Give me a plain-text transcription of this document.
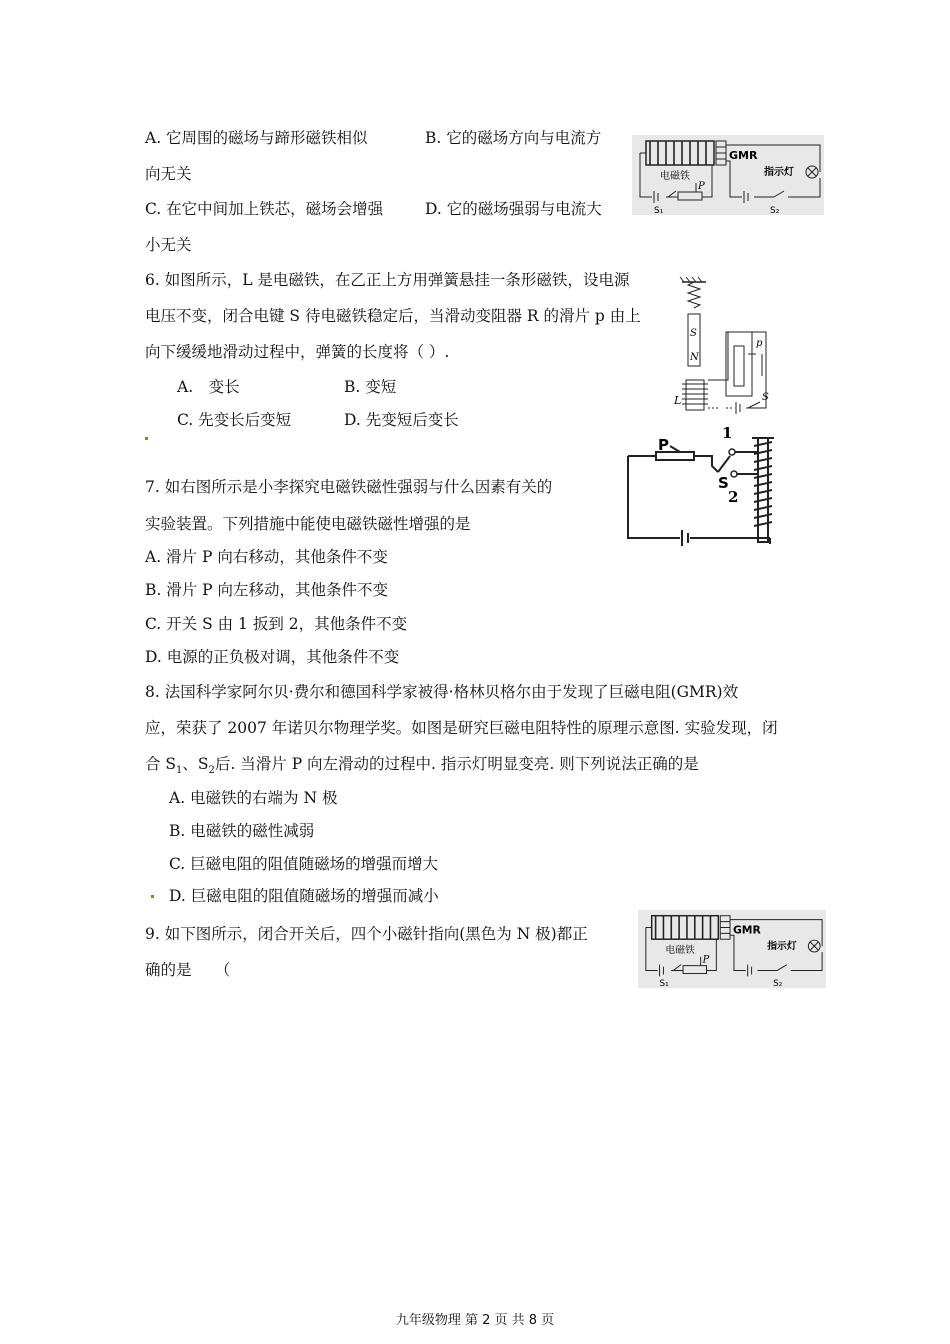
A. 它周围的磁场与蹄形磁铁相似	B. 它的磁场方向与电流方
向无关
C. 在它中间加上铁芯，磁场会增强	D. 它的磁场强弱与电流大
小无关
GMR
电磁铁	指示灯
P
S₁	S₂
6. 如图所示，L 是电磁铁，在乙正上方用弹簧悬挂一条形磁铁，设电源
电压不变，闭合电键 S 待电磁铁稳定后，当滑动变阻器 R 的滑片 p 由上
向下缓缓地滑动过程中，弹簧的长度将（ ）.
A.　变长	B. 变短
C. 先变长后变短	D. 先变短后变长
S
N
L
p
S
7. 如右图所示是小李探究电磁铁磁性强弱与什么因素有关的
实验装置。下列措施中能使电磁铁磁性增强的是
A. 滑片 P 向右移动，其他条件不变
B. 滑片 P 向左移动，其他条件不变
C. 开关 S 由 1 扳到 2，其他条件不变
D. 电源的正负极对调，其他条件不变
P
1
S
2
8. 法国科学家阿尔贝·费尔和德国科学家被得·格林贝格尔由于发现了巨磁电阻(GMR)效
应，荣获了 2007 年诺贝尔物理学奖。如图是研究巨磁电阻特性的原理示意图. 实验发现，闭
合 $S_1$、$S_2$后. 当滑片 P 向左滑动的过程中. 指示灯明显变亮. 则下列说法正确的是
A. 电磁铁的右端为 N 极
B. 电磁铁的磁性减弱
C. 巨磁电阻的阻值随磁场的增强而增大
D. 巨磁电阻的阻值随磁场的增强而减小
9. 如下图所示，闭合开关后，四个小磁针指向(黑色为 N 极)都正
确的是　　（
GMR
电磁铁	指示灯
P
S₁	S₂
九年级物理 第 2 页 共 8 页
